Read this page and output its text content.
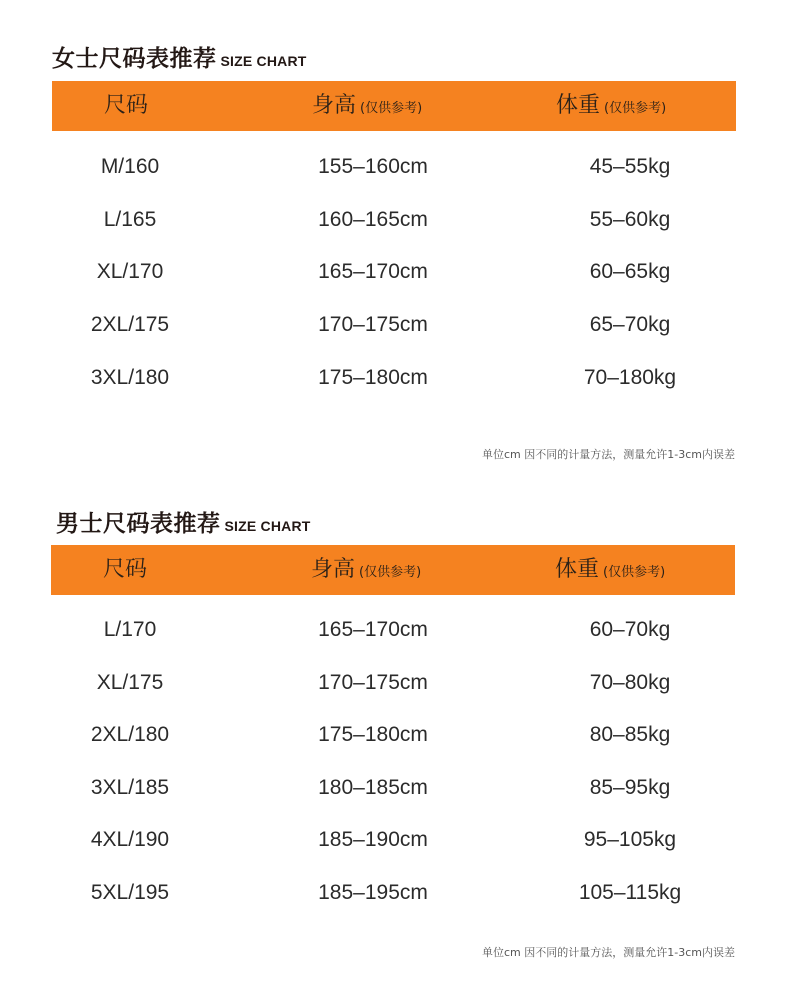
女士尺码表推荐 SIZE CHART
尺码	身高 (仅供参考)	体重 (仅供参考)
M/160	155–160cm	45–55kg
L/165	160–165cm	55–60kg
XL/170	165–170cm	60–65kg
2XL/175	170–175cm	65–70kg
3XL/180	175–180cm	70–180kg
单位cm 因不同的计量方法，测量允许1-3cm内误差
男士尺码表推荐 SIZE CHART
尺码	身高 (仅供参考)	体重 (仅供参考)
L/170	165–170cm	60–70kg
XL/175	170–175cm	70–80kg
2XL/180	175–180cm	80–85kg
3XL/185	180–185cm	85–95kg
4XL/190	185–190cm	95–105kg
5XL/195	185–195cm	105–115kg
单位cm 因不同的计量方法，测量允许1-3cm内误差
